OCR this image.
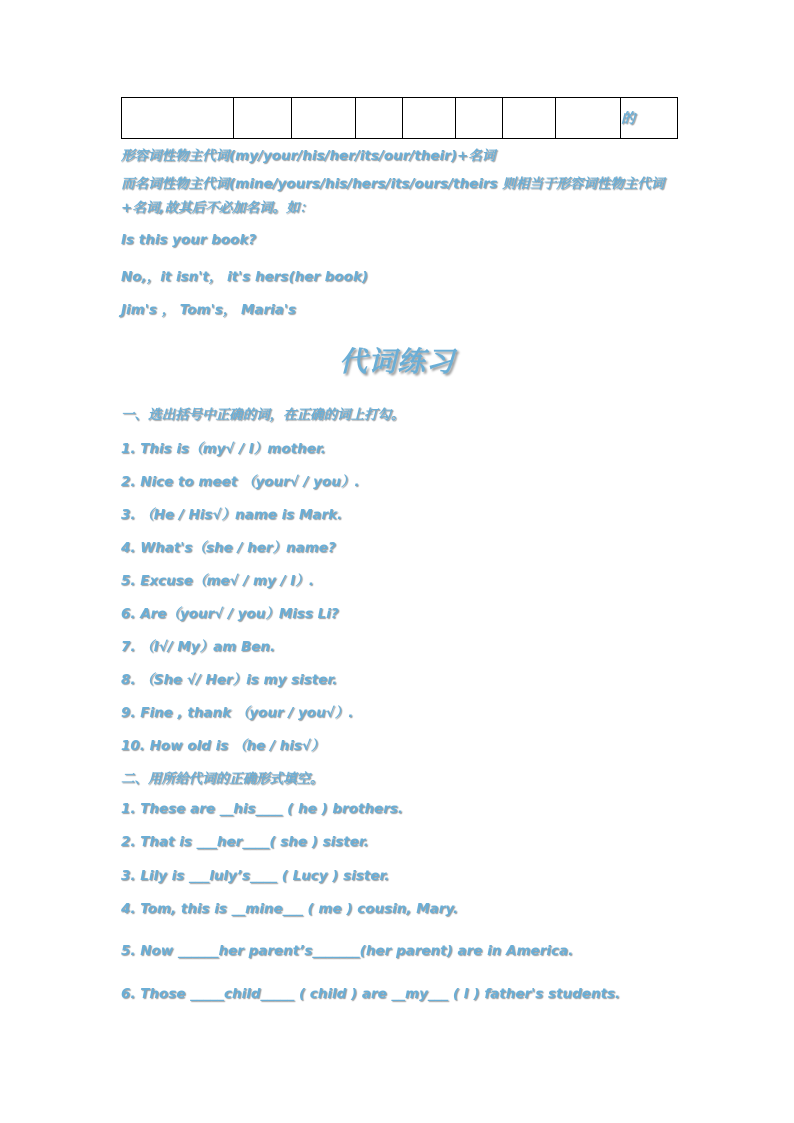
								的
形容词性物主代词(my/your/his/her/its/our/their)+名词
而名词性物主代词(mine/yours/his/hers/its/ours/theirs 则相当于形容词性物主代词+名词,故其后不必加名词。如：
Is this your book?
No,，it isn't， it's hers(her book)
Jim's ， Tom's， Maria's
代词练习
一、选出括号中正确的词，在正确的词上打勾。
1. This is（my√ / I）mother.
2. Nice to meet （your√ / you）.
3. （He / His√）name is Mark.
4. What's（she / her）name?
5. Excuse（me√ / my / I）.
6. Are（your√ / you）Miss Li?
7. （I√/ My）am Ben.
8. （She √/ Her）is my sister.
9. Fine , thank （your / you√）.
10. How old is （he / his√）
二、用所给代词的正确形式填空。
1. These are __his____ ( he ) brothers.
2. That is ___her____( she ) sister.
3. Lily is ___luly’s____ ( Lucy ) sister.
4. Tom, this is __mine___ ( me ) cousin, Mary.
5. Now ______her parent’s_______(her parent) are in America.
6. Those _____child_____ ( child ) are __my___ ( I ) father's students.
